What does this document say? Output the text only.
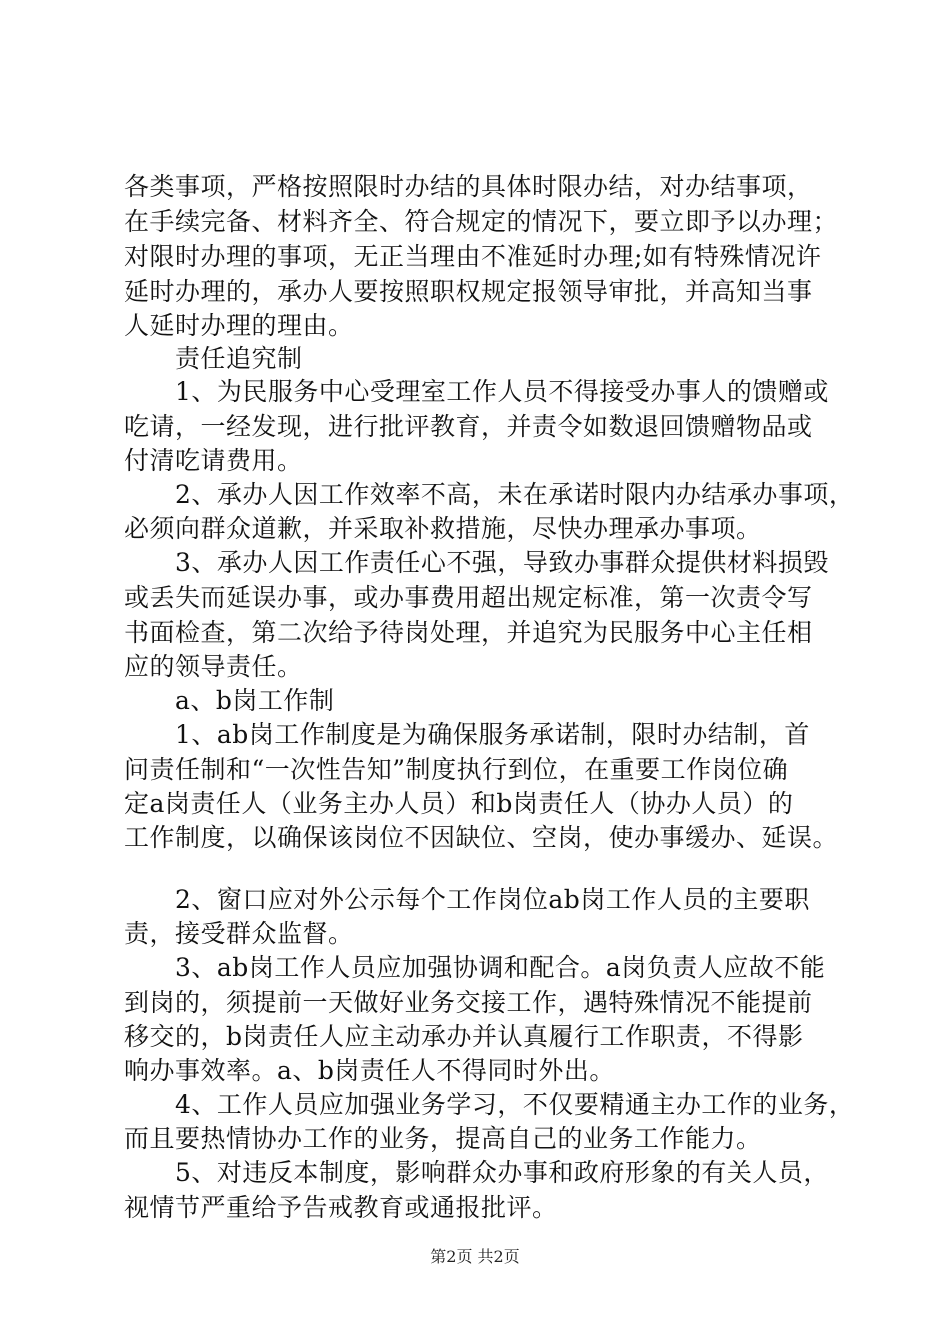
各类事项，严格按照限时办结的具体时限办结，对办结事项，
在手续完备、材料齐全、符合规定的情况下，要立即予以办理；
对限时办理的事项，无正当理由不准延时办理;如有特殊情况许
延时办理的，承办人要按照职权规定报领导审批，并高知当事
人延时办理的理由。
　　责任追究制
　　1、为民服务中心受理室工作人员不得接受办事人的馈赠或
吃请，一经发现，进行批评教育，并责令如数退回馈赠物品或
付清吃请费用。
　　2、承办人因工作效率不高，未在承诺时限内办结承办事项，
必须向群众道歉，并采取补救措施，尽快办理承办事项。
　　3、承办人因工作责任心不强，导致办事群众提供材料损毁
或丢失而延误办事，或办事费用超出规定标准，第一次责令写
书面检查，第二次给予待岗处理，并追究为民服务中心主任相
应的领导责任。
　　a、b岗工作制
　　1、ab岗工作制度是为确保服务承诺制，限时办结制，首
问责任制和“一次性告知”制度执行到位，在重要工作岗位确
定a岗责任人（业务主办人员）和b岗责任人（协办人员）的
工作制度，以确保该岗位不因缺位、空岗，使办事缓办、延误。
　　2、窗口应对外公示每个工作岗位ab岗工作人员的主要职
责，接受群众监督。
　　3、ab岗工作人员应加强协调和配合。a岗负责人应故不能
到岗的，须提前一天做好业务交接工作，遇特殊情况不能提前
移交的，b岗责任人应主动承办并认真履行工作职责，不得影
响办事效率。a、b岗责任人不得同时外出。
　　4、工作人员应加强业务学习，不仅要精通主办工作的业务，
而且要热情协办工作的业务，提高自己的业务工作能力。
　　5、对违反本制度，影响群众办事和政府形象的有关人员，
视情节严重给予告戒教育或通报批评。
第2页 共2页
